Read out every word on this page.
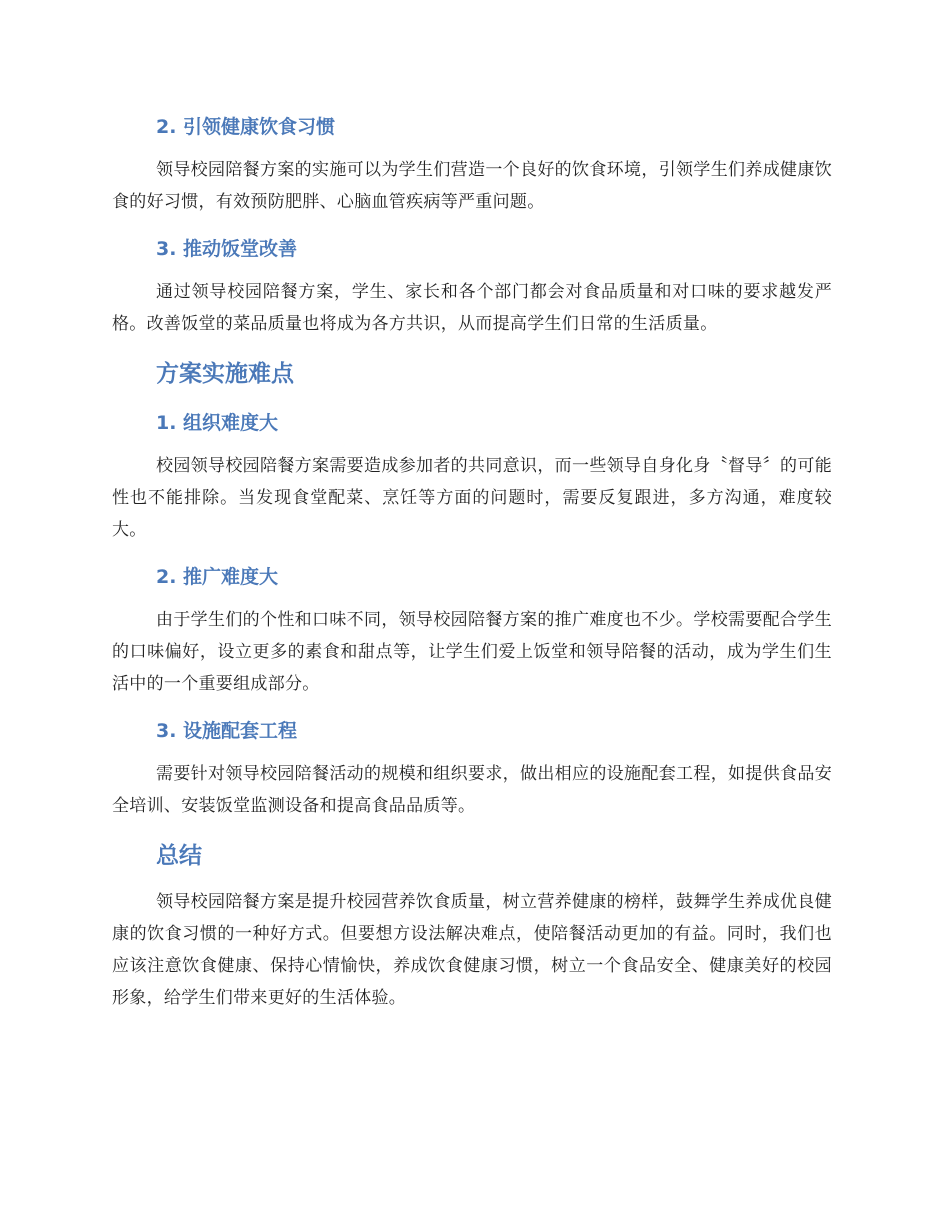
2. 引领健康饮食习惯

领导校园陪餐方案的实施可以为学生们营造一个良好的饮食环境，引领学生们养成健康饮食的好习惯，有效预防肥胖、心脑血管疾病等严重问题。

3. 推动饭堂改善

通过领导校园陪餐方案，学生、家长和各个部门都会对食品质量和对口味的要求越发严格。改善饭堂的菜品质量也将成为各方共识，从而提高学生们日常的生活质量。

方案实施难点
1. 组织难度大

校园领导校园陪餐方案需要造成参加者的共同意识，而一些领导自身化身〝督导〞的可能性也不能排除。当发现食堂配菜、烹饪等方面的问题时，需要反复跟进，多方沟通，难度较大。

2. 推广难度大

由于学生们的个性和口味不同，领导校园陪餐方案的推广难度也不少。学校需要配合学生的口味偏好，设立更多的素食和甜点等，让学生们爱上饭堂和领导陪餐的活动，成为学生们生活中的一个重要组成部分。

3. 设施配套工程

需要针对领导校园陪餐活动的规模和组织要求，做出相应的设施配套工程，如提供食品安全培训、安装饭堂监测设备和提高食品品质等。

总结

领导校园陪餐方案是提升校园营养饮食质量，树立营养健康的榜样，鼓舞学生养成优良健康的饮食习惯的一种好方式。但要想方设法解决难点，使陪餐活动更加的有益。同时，我们也应该注意饮食健康、保持心情愉快，养成饮食健康习惯，树立一个食品安全、健康美好的校园形象，给学生们带来更好的生活体验。
